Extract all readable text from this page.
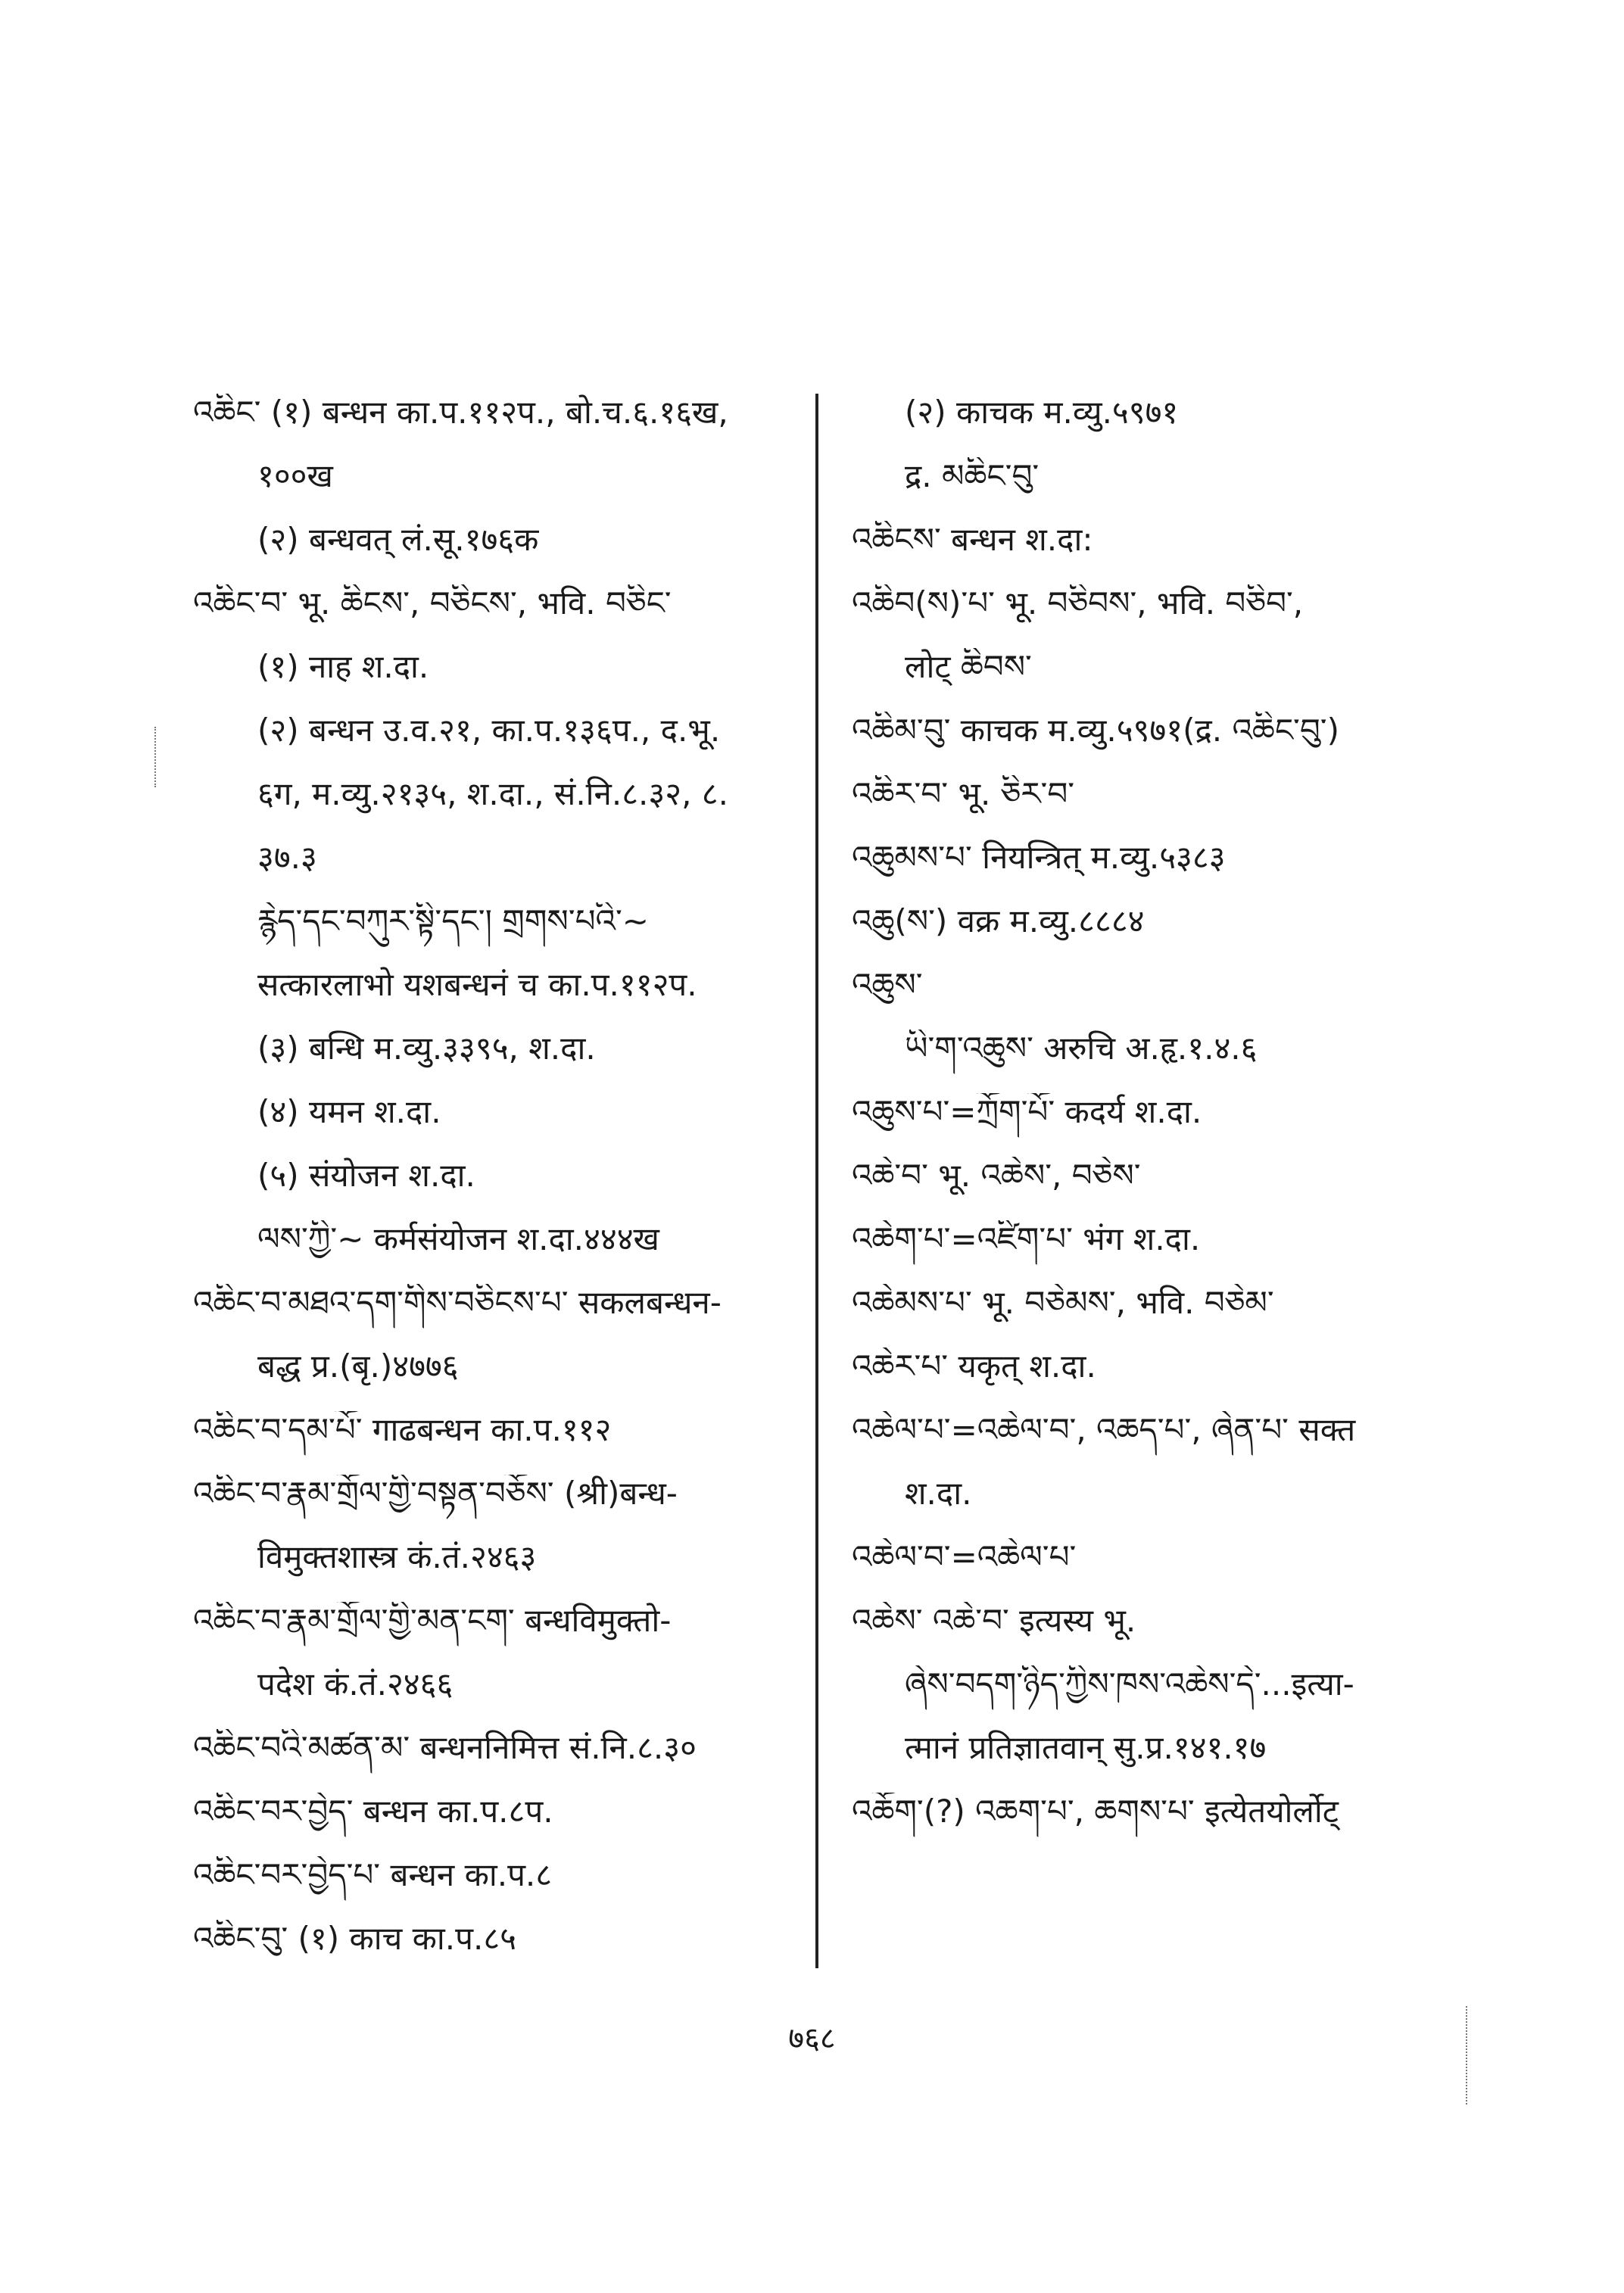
འཆིང་ (१) बन्धन का.प.११२प., बो.च.६.१६ख,
१००ख
(२) बन्धवत् लं.सू.१७६क
འཆིང་བ་ भू. ཆིངས་, བཅིངས་, भवि. བཅིང་
(१) नाह श.दा.
(२) बन्धन उ.व.२१, का.प.१३६प., द.भू.
६ग, म.व्यु.२१३५, श.दा., सं.नि.८.३२, ८.
३७.३
རྙེད་དང་བཀུར་སྟི་དང་། གྲགས་པའི་~
सत्कारलाभो यशबन्धनं च का.प.११२प.
(३) बन्धि म.व्यु.३३९५, श.दा.
(४) यमन श.दा.
(५) संयोजन श.दा.
ལས་ཀྱི་~ कर्मसंयोजन श.दा.४४४ख
འཆིང་བ་མཐའ་དག་གིས་བཅིངས་པ་ सकलबन्धन-
बद्ध प्र.(बृ.)४७७६
འཆིང་བ་དམ་པོ་ गाढबन्धन का.प.११२
འཆིང་བ་རྣམ་གྲོལ་གྱི་བསྟན་བཅོས་ (श्री)बन्ध-
विमुक्तशास्त्र कं.तं.२४६३
འཆིང་བ་རྣམ་གྲོལ་གྱི་མན་ངག་ बन्धविमुक्तो-
पदेश कं.तं.२४६६
འཆིང་བའི་མཚན་མ་ बन्धननिमित्त सं.नि.८.३०
འཆིང་བར་བྱེད་ बन्धन का.प.८प.
འཆིང་བར་བྱེད་པ་ बन्धन का.प.८
འཆིང་བུ་ (१) काच का.प.८५
(२) काचक म.व्यु.५९७१
द्र. མཆིང་བུ་
འཆིངས་ बन्धन श.दा:
འཆིབ(ས)་པ་ भू. བཅིབས་, भवि. བཅིབ་,
लोट् ཆིབས་
འཆིམ་བུ་ काचक म.व्यु.५९७१(द्र. འཆིང་བུ་)
འཆིར་བ་ भू. ཅིར་བ་
འཆུམས་པ་ नियन्त्रित् म.व्यु.५३८३
འཆུ(ས་) वक्र म.व्यु.८८८४
འཆུས་
ཡི་ག་འཆུས་ अरुचि अ.हृ.१.४.६
འཆུས་པ་=ཀྲོག་པོ་ कदर्य श.दा.
འཆེ་བ་ भू. འཆེས་, བཅེས་
འཆེག་པ་=འཛིག་པ་ भंग श.दा.
འཆེམས་པ་ भू. བཅེམས་, भवि. བཅེམ་
འཆེར་པ་ यकृत् श.दा.
འཆེལ་པ་=འཆེལ་བ་, འཆད་པ་, ཞེན་པ་ सक्त
श.दा.
འཆེལ་བ་=འཆེལ་པ་
འཆེས་ འཆེ་བ་ इत्यस्य भू.
ཞེས་བདག་ཉིད་ཀྱིས་ཁས་འཆེས་དེ་...इत्या-
त्मानं प्रतिज्ञातवान् सु.प्र.१४१.१७
འཆོག་(?) འཆག་པ་, ཆགས་པ་ इत्येतयोर्लोट्
७६८
